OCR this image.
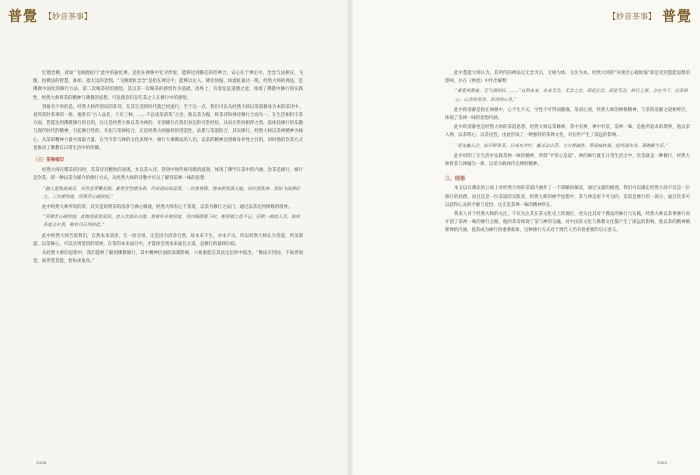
普覺 【妙音茶事】

忆德念佛，意如“飞阁流虹行”此中的通化禅，是指在禅修中忆寻形象，能够达到静态的形神合，安心住于禅定中。念念与法相应，飞阁，指佛法的智慧，谁如，指无边的悲悯。“飞阁流虹念念”是指在禅定中，能够以定入，降伏烦恼，如流虹通达一般，经然大师的禅法，是佛教中国化的修行方法，第二次喝茶时的感悟，是以茶一次喝茶的感悟作为基础，清界上，有着征征道德之意，体现了佛教中修行的实践性，经然大师将茶的精神与佛教的思想，可以使你们在吃茶之人在修行中的感悟。

到最名不举的是，经然大师所创识的茶诗，在其生活的时代就已经流行，至于这一点，我们可以从经然大师以茶道修身为本的茶诗中，看到其时茶事的一斑，他曾有“古人品茗，十有三种，……不以谈茶清茶”之语，惟以茶为媒，将茶诗和禅诗修行合而为一，在生活相机不茶方面，皆能达到佛教修行的目的，这正是经然大师以茶为禅的，开创修行在我们身边的可贵经验，从而在世俗相伴之余，依体验修行的乐趣与现代时代的精神，引起修行性的，开拓与茶禅结合，正是经然大师独特的创造性，法系与茶道结合，其实修行，经然大师以茶禅精神为核心，从茶的精神力量中汲取力量，在当今茶与禅的文化表现中，修行大乘佛法的人们，以茶的精神达到修身养性之目的，同时他的饮茶方式也推动了佛教在日常生活中的传播。

（三）茶禅相印

经然大师在嗜茶的同时，其茶诗有精致的表现，并以茶入诗，得到中国传统诗歌的滋润，体现了佛学在茶中的内涵，饮茶是修行，修行是饮茶，即一种以茶为媒介的修行方式，从经然大师的诗歌中可以了解到茶禅一味的思想：

“越人遗我剡溪茗，采得金芽爨金鼎。素瓷雪色缥沫香，何似诸仙琼蕊浆。一饮涤昏寐，情来朗爽满天地。再饮清我神，忽如飞雨洒轻尘。三饮便得道，何须苦心破烦恼。”

此中经然大师所说的茶，其实是说明茶的清净与禅心相通，经然大师有心于茶道，以茶为修行之法门，通过品茶达到禅修的境界。

“何须苦心破烦恼，此物清高世莫知。世人饮酒多自欺，愁看毕卓瓮间夜，笑向陶潜篱下时。崔侯啜之意不已，狂歌一曲惊人耳。孰知茶道全尔真，唯有丹丘得如此。”

此中经然大师告诉我们，自然本来清净，无一切分别，正是因为清净自然，故本来不生，亦本不灭，所以经然大师认为茶道，所见即道，以茶修心，可以达到觉悟的境界，在茶的本来面目中，才能体会到本来面目之道，是修行的最终归宿。

从经然大师的思想中，我们能够了解到佛教修行，其中精神层面的深刻影响，六祖惠能在其法宝坛经中提出，“佛法在世间，不离世间觉，离世觅菩提，恰如求兔角。”

1004
【妙音茶事】 普覺

此中慧能大师认为，其所传的禅法以无念为宗，无相为体，无住为本，经然大师的“何须苦心破烦恼”即是受到慧能思想的影响，并在《禅意》中作出解释：

“素瓷传静夜，芳气满闲轩。……”自然本来，本来无念，无念之念，即是正念，即是无念，修行之要，全在当下，以茶修心，心净则茶净，茶净则心净。”

此中的清静是指在禅修中，心不生不灭，空性不可得而随缘，茶清心清，经然大师的禅修精神，与茶的清静之道相呼应，体现了茶禅一味的思想内涵。

此中的清静也是经然大师的茶道思想，经然大师以茶修禅，茶中有禅，禅中有茶，茶禅一味，是他所追求的境界，他以茶入禅，以茶明心，以茶见性，由此形成了一种独特的茶禅文化，对后世产生了深远的影响。

“喜见幽人会，初开野客茶。日成东井叶，露采北山芽。文火香偏胜，寒泉味转嘉。投铛涌作沫，著碗聚生花。”

此中说明了在生活中实践茶禅一味的精神，所谓“平常心是道”，禅的修行就在日常生活之中，饮茶就是一种修行，经然大师将茶与禅融为一体，以茶为载体传达禅的精神。

三、结语

本文以在佛法的立场上对经然大师的茶道内涵作了一个简略的解读，通过文献的梳理，我们可以确定经然大师不仅是一位修行的高僧，而且还是一位茶道的实践者，经然大师的禅学思想中，茶与禅是密不可分的，茶道是修行的一部分，通过饮茶可以获得心灵的平静与觉悟，这正是茶禅一味的精神所在。

我来人对于经然大师的关注，不仅关注其在茶文化史上的地位，更关注其对于佛法的修行与实践，经然大师以茶事修行而开创了茶禅一味的修行之路，他的茶诗体现了茶与禅的交融，对中国茶文化与佛教文化都产生了深远的影响，他以茶的精神阐释禅的内涵，使茶成为修行的重要载体，这种修行方式对于现代人仍有着重要的启示意义。

1005
